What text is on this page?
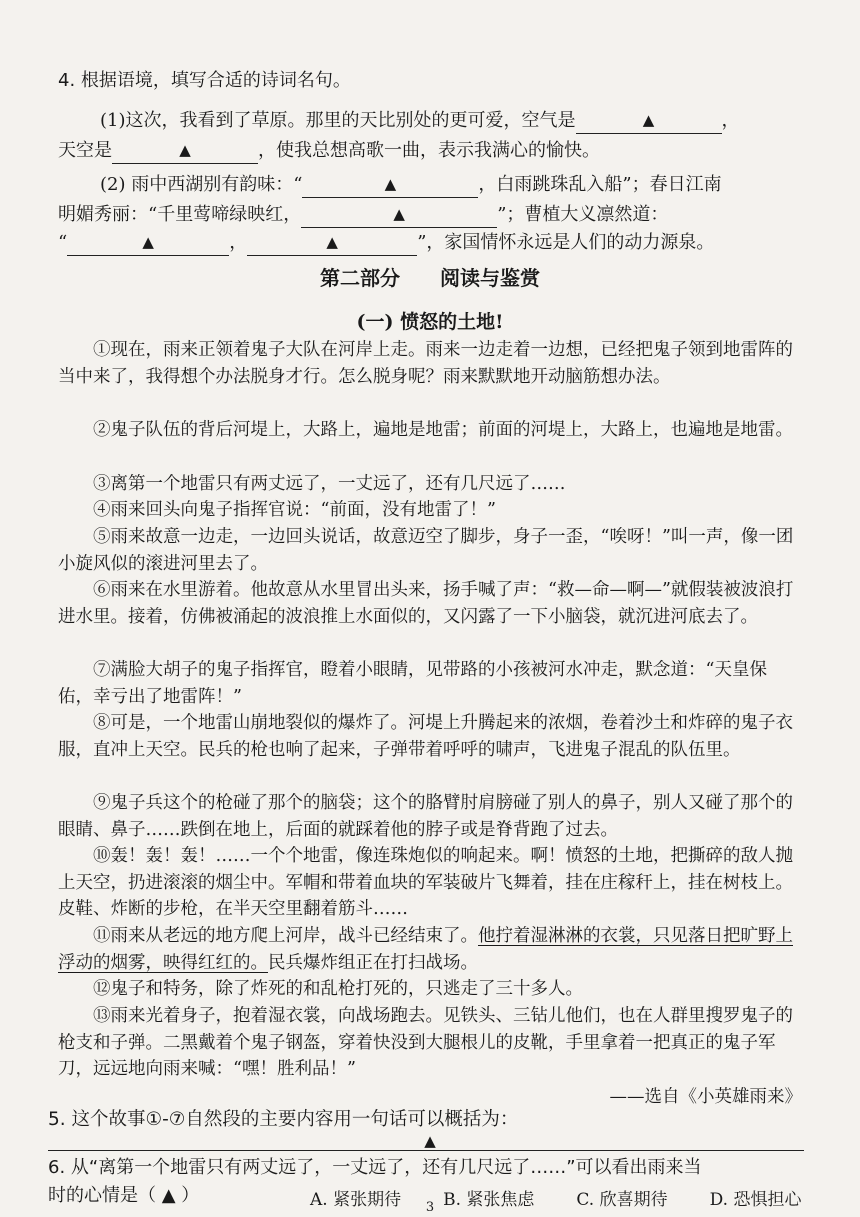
4. 根据语境，填写合适的诗词名句。
(1)这次，我看到了草原。那里的天比别处的更可爱，空气是	▲	，
天空是	▲	，使我总想高歌一曲，表示我满心的愉快。
(2) 雨中西湖别有韵味：“	▲	，白雨跳珠乱入船”；春日江南
明媚秀丽：“千里莺啼绿映红，	▲	”；曹植大义凛然道：
“	▲	，	▲	”，家国情怀永远是人们的动力源泉。
第二部分　　阅读与鉴赏
(一) 愤怒的土地!
①现在，雨来正领着鬼子大队在河岸上走。雨来一边走着一边想，已经把鬼子领到地雷阵的当中来了，我得想个办法脱身才行。怎么脱身呢？雨来默默地开动脑筋想办法。
②鬼子队伍的背后河堤上，大路上，遍地是地雷；前面的河堤上，大路上，也遍地是地雷。
③离第一个地雷只有两丈远了，一丈远了，还有几尺远了……
④雨来回头向鬼子指挥官说：“前面，没有地雷了！”
⑤雨来故意一边走，一边回头说话，故意迈空了脚步，身子一歪，“唉呀！”叫一声，像一团小旋风似的滚进河里去了。
⑥雨来在水里游着。他故意从水里冒出头来，扬手喊了声：“救—命—啊—”就假装被波浪打进水里。接着，仿佛被涌起的波浪推上水面似的，又闪露了一下小脑袋，就沉进河底去了。
⑦满脸大胡子的鬼子指挥官，瞪着小眼睛，见带路的小孩被河水冲走，默念道：“天皇保佑，幸亏出了地雷阵！”
⑧可是，一个地雷山崩地裂似的爆炸了。河堤上升腾起来的浓烟，卷着沙土和炸碎的鬼子衣服，直冲上天空。民兵的枪也响了起来，子弹带着呼呼的啸声，飞进鬼子混乱的队伍里。
⑨鬼子兵这个的枪碰了那个的脑袋；这个的胳臂肘肩膀碰了别人的鼻子，别人又碰了那个的眼睛、鼻子……跌倒在地上，后面的就踩着他的脖子或是脊背跑了过去。
⑩轰！轰！轰！……一个个地雷，像连珠炮似的响起来。啊！愤怒的土地，把撕碎的敌人抛上天空，扔进滚滚的烟尘中。军帽和带着血块的军装破片飞舞着，挂在庄稼秆上，挂在树枝上。皮鞋、炸断的步枪，在半天空里翻着筋斗……
⑪雨来从老远的地方爬上河岸，战斗已经结束了。他拧着湿淋淋的衣裳，只见落日把旷野上浮动的烟雾，映得红红的。民兵爆炸组正在打扫战场。
⑫鬼子和特务，除了炸死的和乱枪打死的，只逃走了三十多人。
⑬雨来光着身子，抱着湿衣裳，向战场跑去。见铁头、三钻儿他们，也在人群里搜罗鬼子的枪支和子弹。二黑戴着个鬼子钢盔，穿着快没到大腿根儿的皮靴，手里拿着一把真正的鬼子军刀，远远地向雨来喊：“嘿！胜利品！”
——选自《小英雄雨来》
5. 这个故事①-⑦自然段的主要内容用一句话可以概括为：
▲
6. 从“离第一个地雷只有两丈远了，一丈远了，还有几尺远了……”可以看出雨来当
时的心情是（ ▲ ）	A. 紧张期待 B. 紧张焦虑 C. 欣喜期待 D. 恐惧担心
3
